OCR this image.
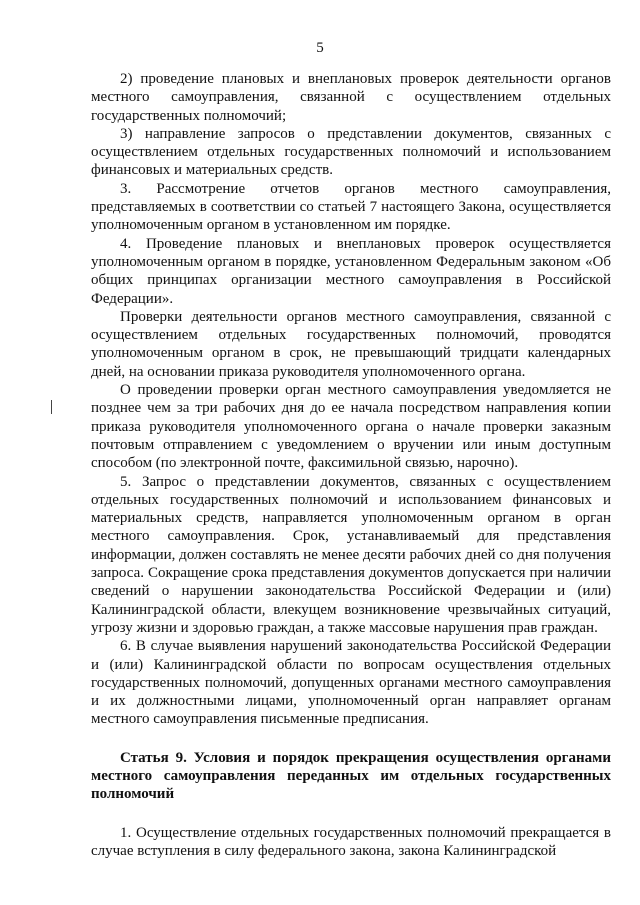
5

2) проведение плановых и внеплановых проверок деятельности органов местного самоуправления, связанной с осуществлением отдельных государственных полномочий;

3) направление запросов о представлении документов, связанных с осуществлением отдельных государственных полномочий и использованием финансовых и материальных средств.

3. Рассмотрение отчетов органов местного самоуправления, представляемых в соответствии со статьей 7 настоящего Закона, осуществляется уполномоченным органом в установленном им порядке.

4. Проведение плановых и внеплановых проверок осуществляется уполномоченным органом в порядке, установленном Федеральным законом «Об общих принципах организации местного самоуправления в Российской Федерации».

Проверки деятельности органов местного самоуправления, связанной с осуществлением отдельных государственных полномочий, проводятся уполномоченным органом в срок, не превышающий тридцати календарных дней, на основании приказа руководителя уполномоченного органа.

О проведении проверки орган местного самоуправления уведомляется не позднее чем за три рабочих дня до ее начала посредством направления копии приказа руководителя уполномоченного органа о начале проверки заказным почтовым отправлением с уведомлением о вручении или иным доступным способом (по электронной почте, факсимильной связью, нарочно).

5. Запрос о представлении документов, связанных с осуществлением отдельных государственных полномочий и использованием финансовых и материальных средств, направляется уполномоченным органом в орган местного самоуправления. Срок, устанавливаемый для представления информации, должен составлять не менее десяти рабочих дней со дня получения запроса. Сокращение срока представления документов допускается при наличии сведений о нарушении законодательства Российской Федерации и (или) Калининградской области, влекущем возникновение чрезвычайных ситуаций, угрозу жизни и здоровью граждан, а также массовые нарушения прав граждан.

6. В случае выявления нарушений законодательства Российской Федерации и (или) Калининградской области по вопросам осуществления отдельных государственных полномочий, допущенных органами местного самоуправления и их должностными лицами, уполномоченный орган направляет органам местного самоуправления письменные предписания.

Статья 9. Условия и порядок прекращения осуществления органами местного самоуправления переданных им отдельных государственных полномочий

1. Осуществление отдельных государственных полномочий прекращается в случае вступления в силу федерального закона, закона Калининградской
